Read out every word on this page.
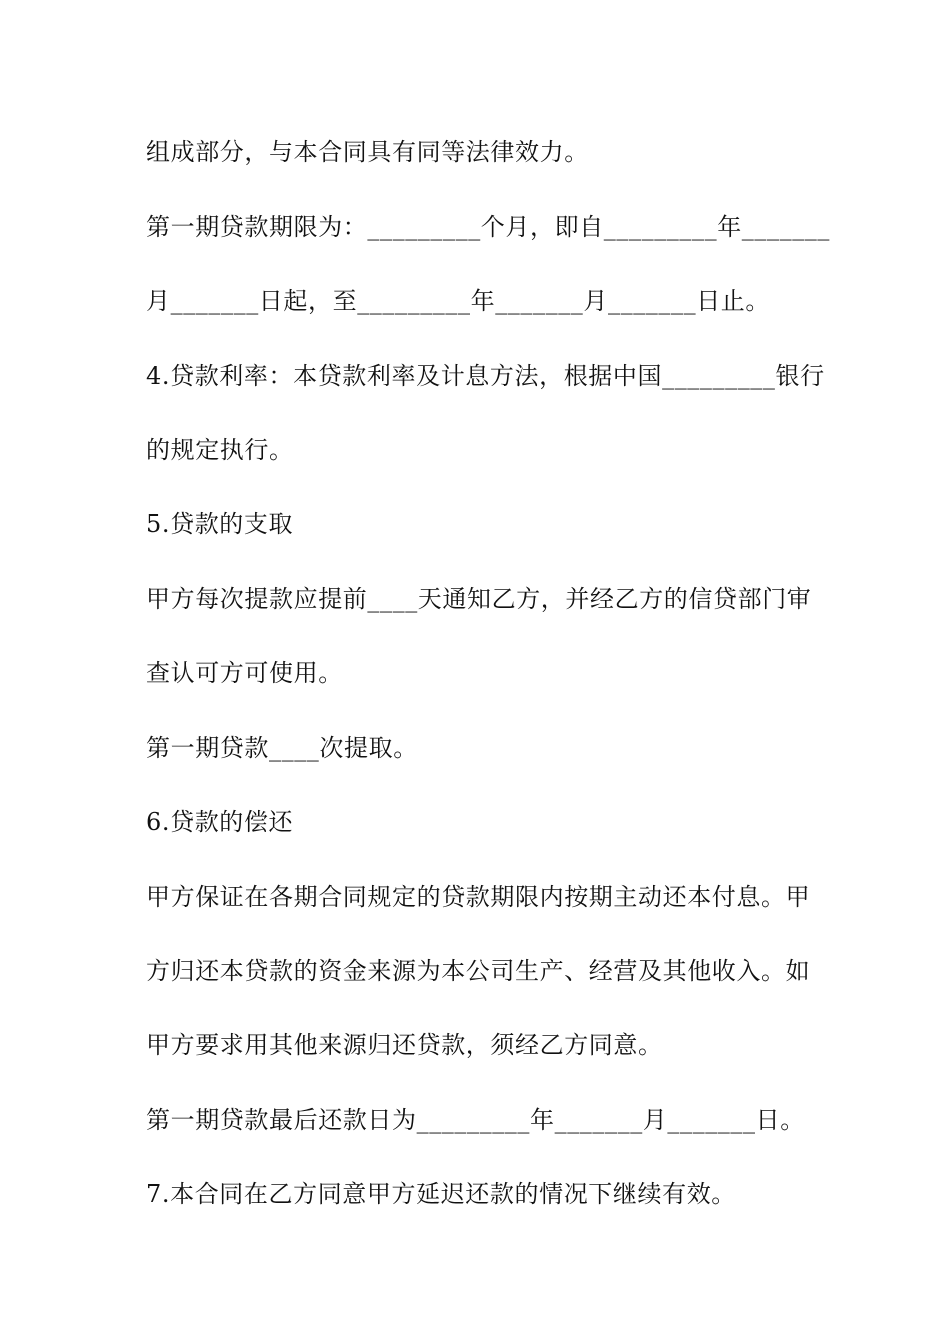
组成部分，与本合同具有同等法律效力。
第一期贷款期限为：_________个月，即自_________年_______
月_______日起，至_________年_______月_______日止。
4.贷款利率：本贷款利率及计息方法，根据中国_________银行
的规定执行。
5.贷款的支取
甲方每次提款应提前____天通知乙方，并经乙方的信贷部门审
查认可方可使用。
第一期贷款____次提取。
6.贷款的偿还
甲方保证在各期合同规定的贷款期限内按期主动还本付息。甲
方归还本贷款的资金来源为本公司生产、经营及其他收入。如
甲方要求用其他来源归还贷款，须经乙方同意。
第一期贷款最后还款日为_________年_______月_______日。
7.本合同在乙方同意甲方延迟还款的情况下继续有效。
